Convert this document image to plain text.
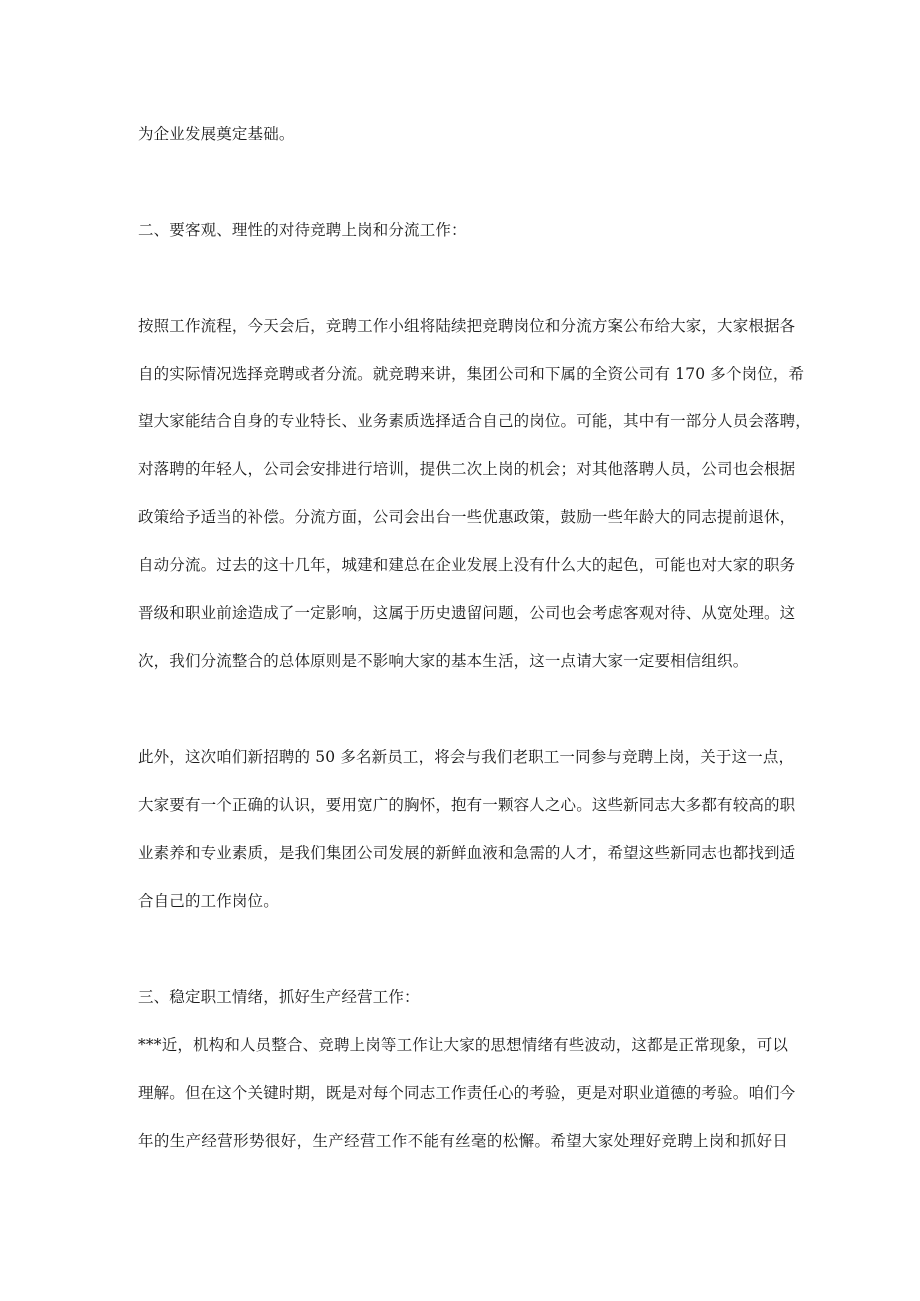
为企业发展奠定基础。
二、要客观、理性的对待竞聘上岗和分流工作：
按照工作流程，今天会后，竞聘工作小组将陆续把竞聘岗位和分流方案公布给大家，大家根据各
自的实际情况选择竞聘或者分流。就竞聘来讲，集团公司和下属的全资公司有 170 多个岗位，希
望大家能结合自身的专业特长、业务素质选择适合自己的岗位。可能，其中有一部分人员会落聘，
对落聘的年轻人，公司会安排进行培训，提供二次上岗的机会；对其他落聘人员，公司也会根据
政策给予适当的补偿。分流方面，公司会出台一些优惠政策，鼓励一些年龄大的同志提前退休，
自动分流。过去的这十几年，城建和建总在企业发展上没有什么大的起色，可能也对大家的职务
晋级和职业前途造成了一定影响，这属于历史遗留问题，公司也会考虑客观对待、从宽处理。这
次，我们分流整合的总体原则是不影响大家的基本生活，这一点请大家一定要相信组织。
此外，这次咱们新招聘的 50 多名新员工，将会与我们老职工一同参与竞聘上岗，关于这一点，
大家要有一个正确的认识，要用宽广的胸怀，抱有一颗容人之心。这些新同志大多都有较高的职
业素养和专业素质，是我们集团公司发展的新鲜血液和急需的人才，希望这些新同志也都找到适
合自己的工作岗位。
三、稳定职工情绪，抓好生产经营工作：
***近，机构和人员整合、竞聘上岗等工作让大家的思想情绪有些波动，这都是正常现象，可以
理解。但在这个关键时期，既是对每个同志工作责任心的考验，更是对职业道德的考验。咱们今
年的生产经营形势很好，生产经营工作不能有丝毫的松懈。希望大家处理好竞聘上岗和抓好日
